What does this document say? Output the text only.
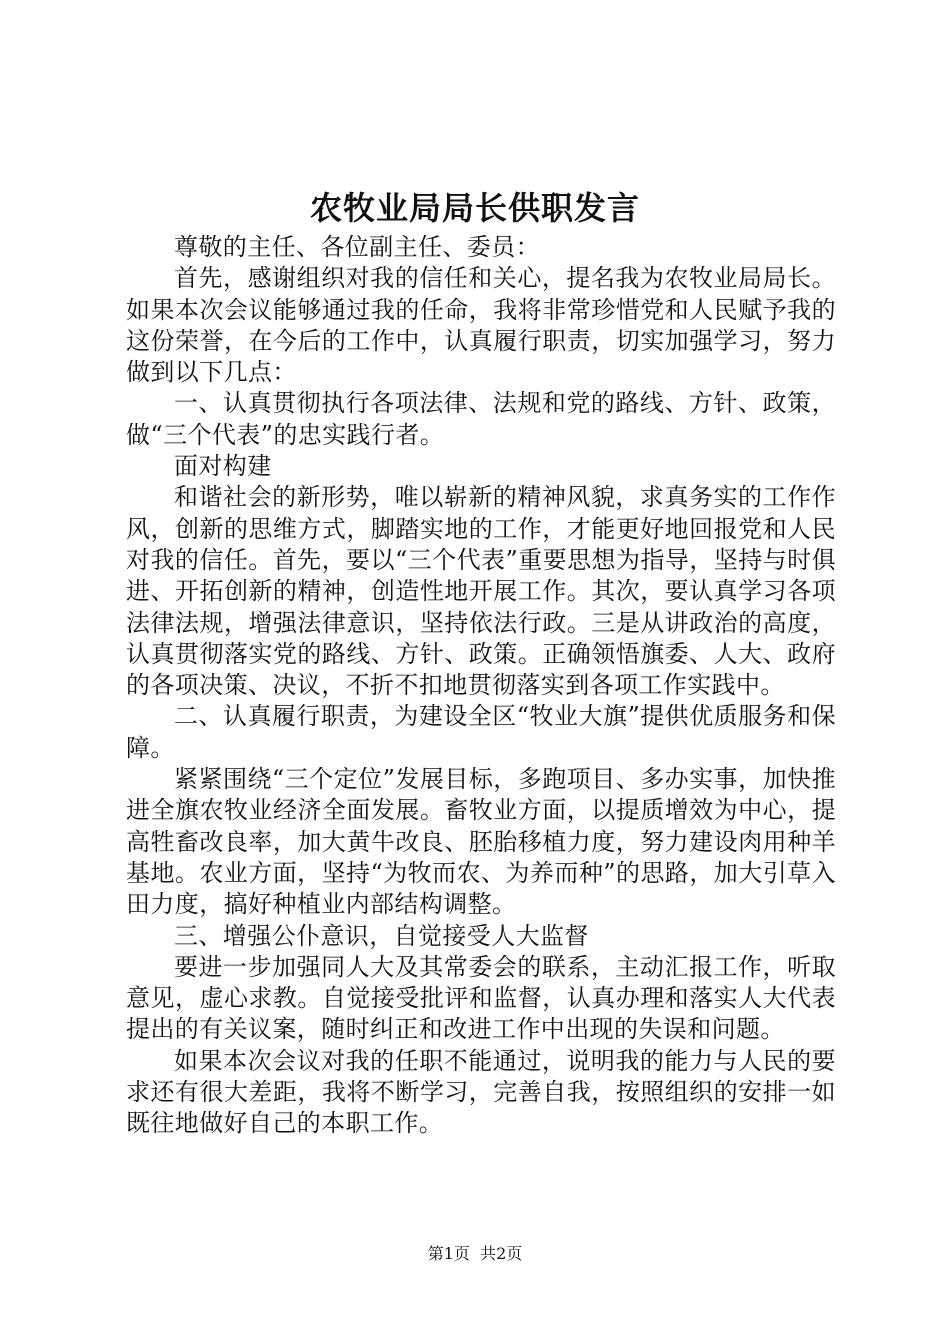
农牧业局局长供职发言

尊敬的主任、各位副主任、委员：

首先，感谢组织对我的信任和关心，提名我为农牧业局局长。如果本次会议能够通过我的任命，我将非常珍惜党和人民赋予我的这份荣誉，在今后的工作中，认真履行职责，切实加强学习，努力做到以下几点：

一、认真贯彻执行各项法律、法规和党的路线、方针、政策，做“三个代表”的忠实践行者。

面对构建

和谐社会的新形势，唯以崭新的精神风貌，求真务实的工作作风，创新的思维方式，脚踏实地的工作，才能更好地回报党和人民对我的信任。首先，要以“三个代表”重要思想为指导，坚持与时俱进、开拓创新的精神，创造性地开展工作。其次，要认真学习各项法律法规，增强法律意识，坚持依法行政。三是从讲政治的高度，认真贯彻落实党的路线、方针、政策。正确领悟旗委、人大、政府的各项决策、决议，不折不扣地贯彻落实到各项工作实践中。

二、认真履行职责，为建设全区“牧业大旗”提供优质服务和保障。

紧紧围绕“三个定位”发展目标，多跑项目、多办实事，加快推进全旗农牧业经济全面发展。畜牧业方面，以提质增效为中心，提高牲畜改良率，加大黄牛改良、胚胎移植力度，努力建设肉用种羊基地。农业方面，坚持“为牧而农、为养而种”的思路，加大引草入田力度，搞好种植业内部结构调整。

三、增强公仆意识，自觉接受人大监督

要进一步加强同人大及其常委会的联系，主动汇报工作，听取意见，虚心求教。自觉接受批评和监督，认真办理和落实人大代表提出的有关议案，随时纠正和改进工作中出现的失误和问题。

如果本次会议对我的任职不能通过，说明我的能力与人民的要求还有很大差距，我将不断学习，完善自我，按照组织的安排一如既往地做好自己的本职工作。

第1页  共2页
